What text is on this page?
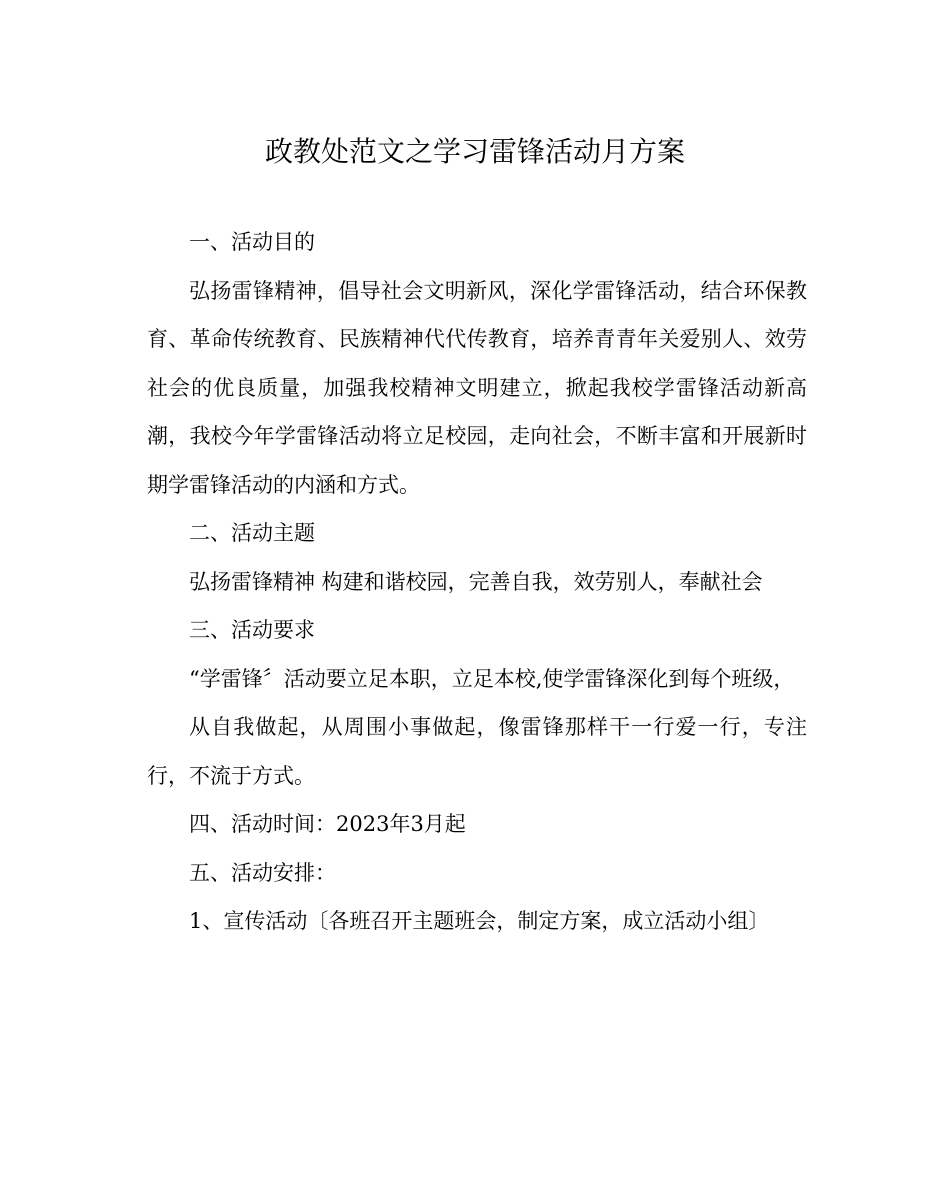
政教处范文之学习雷锋活动月方案

一、活动目的

弘扬雷锋精神，倡导社会文明新风，深化学雷锋活动，结合环保教育、革命传统教育、民族精神代代传教育，培养青青年关爱别人、效劳社会的优良质量，加强我校精神文明建立，掀起我校学雷锋活动新高潮，我校今年学雷锋活动将立足校园，走向社会，不断丰富和开展新时期学雷锋活动的内涵和方式。

二、活动主题

弘扬雷锋精神 构建和谐校园，完善自我，效劳别人，奉献社会

三、活动要求

“学雷锋〞活动要立足本职，立足本校,使学雷锋深化到每个班级，

从自我做起，从周围小事做起，像雷锋那样干一行爱一行，专注行，不流于方式。

四、活动时间：2023年3月起

五、活动安排：

1、宣传活动〔各班召开主题班会，制定方案，成立活动小组〕
